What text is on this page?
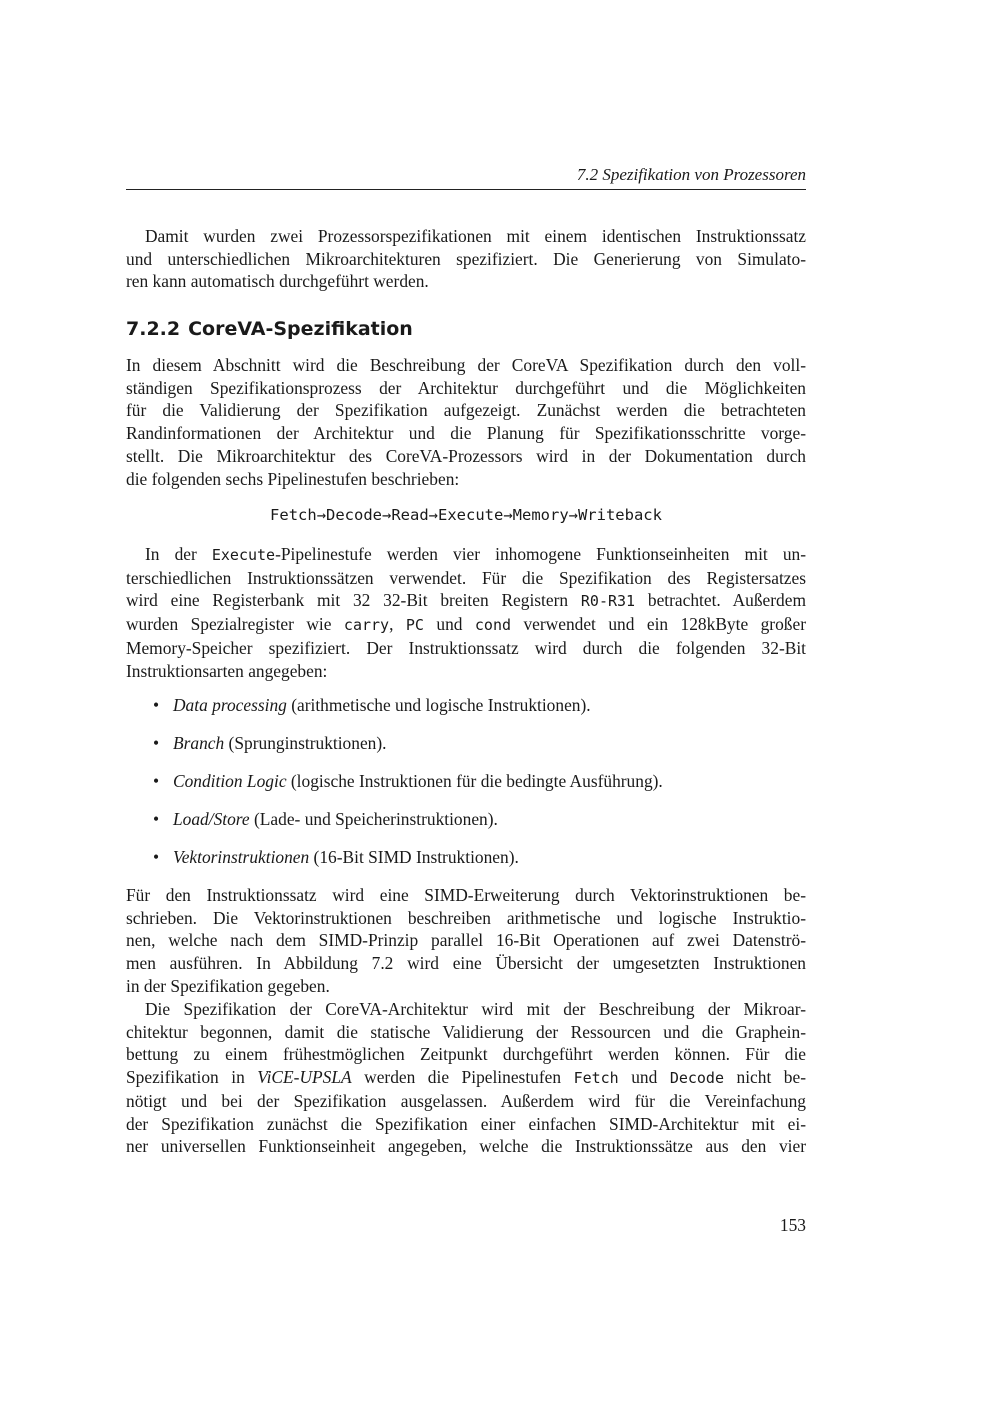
7.2 Spezifikation von Prozessoren
Damit wurden zwei Prozessorspezifikationen mit einem identischen Instruktionssatz
und unterschiedlichen Mikroarchitekturen spezifiziert. Die Generierung von Simulato-
ren kann automatisch durchgeführt werden.
7.2.2 CoreVA-Spezifikation
In diesem Abschnitt wird die Beschreibung der CoreVA Spezifikation durch den voll-
ständigen Spezifikationsprozess der Architektur durchgeführt und die Möglichkeiten
für die Validierung der Spezifikation aufgezeigt. Zunächst werden die betrachteten
Randinformationen der Architektur und die Planung für Spezifikationsschritte vorge-
stellt. Die Mikroarchitektur des CoreVA-Prozessors wird in der Dokumentation durch
die folgenden sechs Pipelinestufen beschrieben:
Fetch→Decode→Read→Execute→Memory→Writeback
In der Execute-Pipelinestufe werden vier inhomogene Funktionseinheiten mit un-
terschiedlichen Instruktionssätzen verwendet. Für die Spezifikation des Registersatzes
wird eine Registerbank mit 32 32-Bit breiten Registern R0-R31 betrachtet. Außerdem
wurden Spezialregister wie carry, PC und cond verwendet und ein 128kByte großer
Memory-Speicher spezifiziert. Der Instruktionssatz wird durch die folgenden 32-Bit
Instruktionsarten angegeben:
• Data processing (arithmetische und logische Instruktionen).
• Branch (Sprunginstruktionen).
• Condition Logic (logische Instruktionen für die bedingte Ausführung).
• Load/Store (Lade- und Speicherinstruktionen).
• Vektorinstruktionen (16-Bit SIMD Instruktionen).
Für den Instruktionssatz wird eine SIMD-Erweiterung durch Vektorinstruktionen be-
schrieben. Die Vektorinstruktionen beschreiben arithmetische und logische Instruktio-
nen, welche nach dem SIMD-Prinzip parallel 16-Bit Operationen auf zwei Datenströ-
men ausführen. In Abbildung 7.2 wird eine Übersicht der umgesetzten Instruktionen
in der Spezifikation gegeben.
Die Spezifikation der CoreVA-Architektur wird mit der Beschreibung der Mikroar-
chitektur begonnen, damit die statische Validierung der Ressourcen und die Graphein-
bettung zu einem frühestmöglichen Zeitpunkt durchgeführt werden können. Für die
Spezifikation in ViCE-UPSLA werden die Pipelinestufen Fetch und Decode nicht be-
nötigt und bei der Spezifikation ausgelassen. Außerdem wird für die Vereinfachung
der Spezifikation zunächst die Spezifikation einer einfachen SIMD-Architektur mit ei-
ner universellen Funktionseinheit angegeben, welche die Instruktionssätze aus den vier
153
